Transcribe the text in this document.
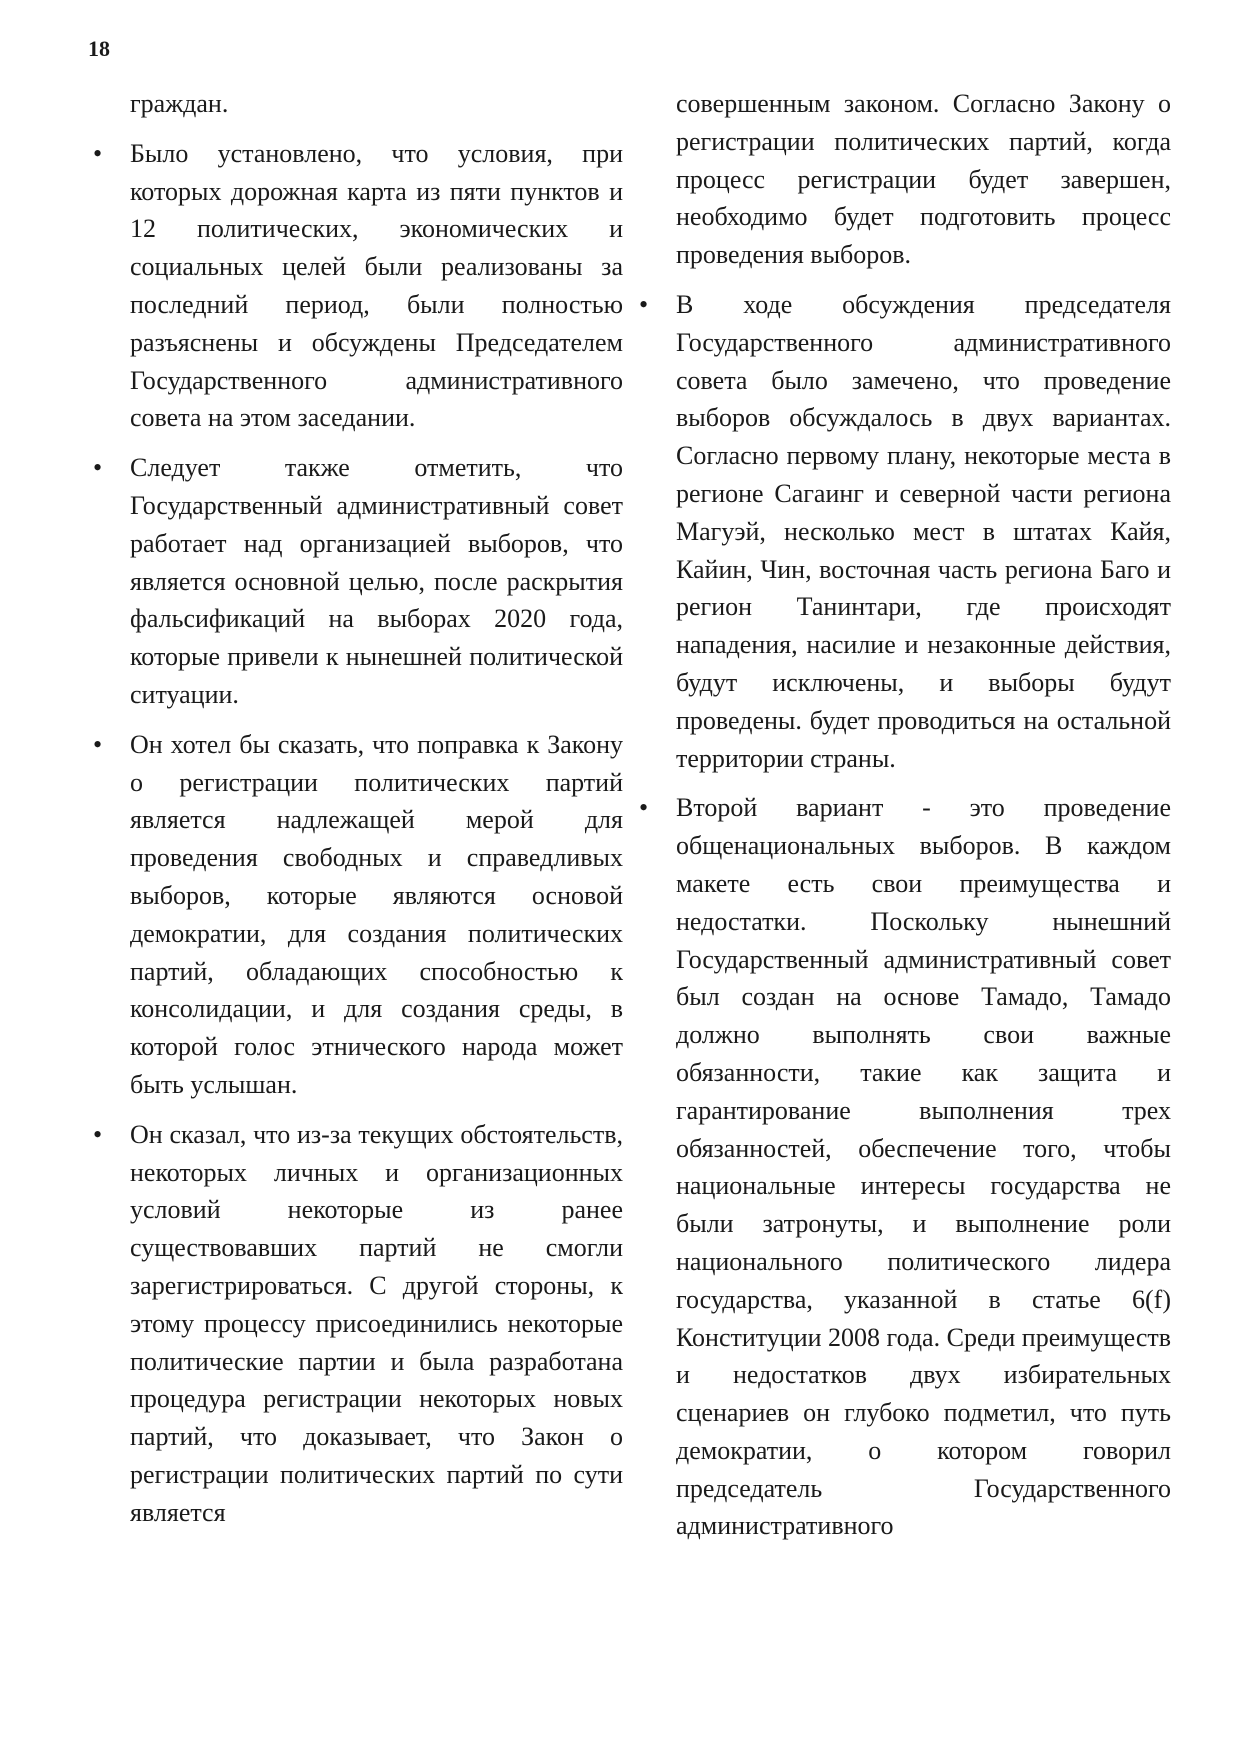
18

граждан.

• Было установлено, что условия, при которых дорожная карта из пяти пунктов и 12 политических, экономических и социальных целей были реализованы за последний период, были полностью разъяснены и обсуждены Председателем Государственного административного совета на этом заседании.

• Следует также отметить, что Государственный административный совет работает над организацией выборов, что является основной целью, после раскрытия фальсификаций на выборах 2020 года, которые привели к нынешней политической ситуации.

• Он хотел бы сказать, что поправка к Закону о регистрации политических партий является надлежащей мерой для проведения свободных и справедливых выборов, которые являются основой демократии, для создания политических партий, обладающих способностью к консолидации, и для создания среды, в которой голос этнического народа может быть услышан.

• Он сказал, что из-за текущих обстоятельств, некоторых личных и организационных условий некоторые из ранее существовавших партий не смогли зарегистрироваться. С другой стороны, к этому процессу присоединились некоторые политические партии и была разработана процедура регистрации некоторых новых партий, что доказывает, что Закон о регистрации политических партий по сути является

совершенным законом. Согласно Закону о регистрации политических партий, когда процесс регистрации будет завершен, необходимо будет подготовить процесс проведения выборов.

• В ходе обсуждения председателя Государственного административного совета было замечено, что проведение выборов обсуждалось в двух вариантах. Согласно первому плану, некоторые места в регионе Сагаинг и северной части региона Магуэй, несколько мест в штатах Кайя, Кайин, Чин, восточная часть региона Баго и регион Танинтари, где происходят нападения, насилие и незаконные действия, будут исключены, и выборы будут проведены. будет проводиться на остальной территории страны.

• Второй вариант - это проведение общенациональных выборов. В каждом макете есть свои преимущества и недостатки. Поскольку нынешний Государственный административный совет был создан на основе Тамадо, Тамадо должно выполнять свои важные обязанности, такие как защита и гарантирование выполнения трех обязанностей, обеспечение того, чтобы национальные интересы государства не были затронуты, и выполнение роли национального политического лидера государства, указанной в статье 6(f) Конституции 2008 года. Среди преимуществ и недостатков двух избирательных сценариев он глубоко подметил, что путь демократии, о котором говорил председатель Государственного административного
